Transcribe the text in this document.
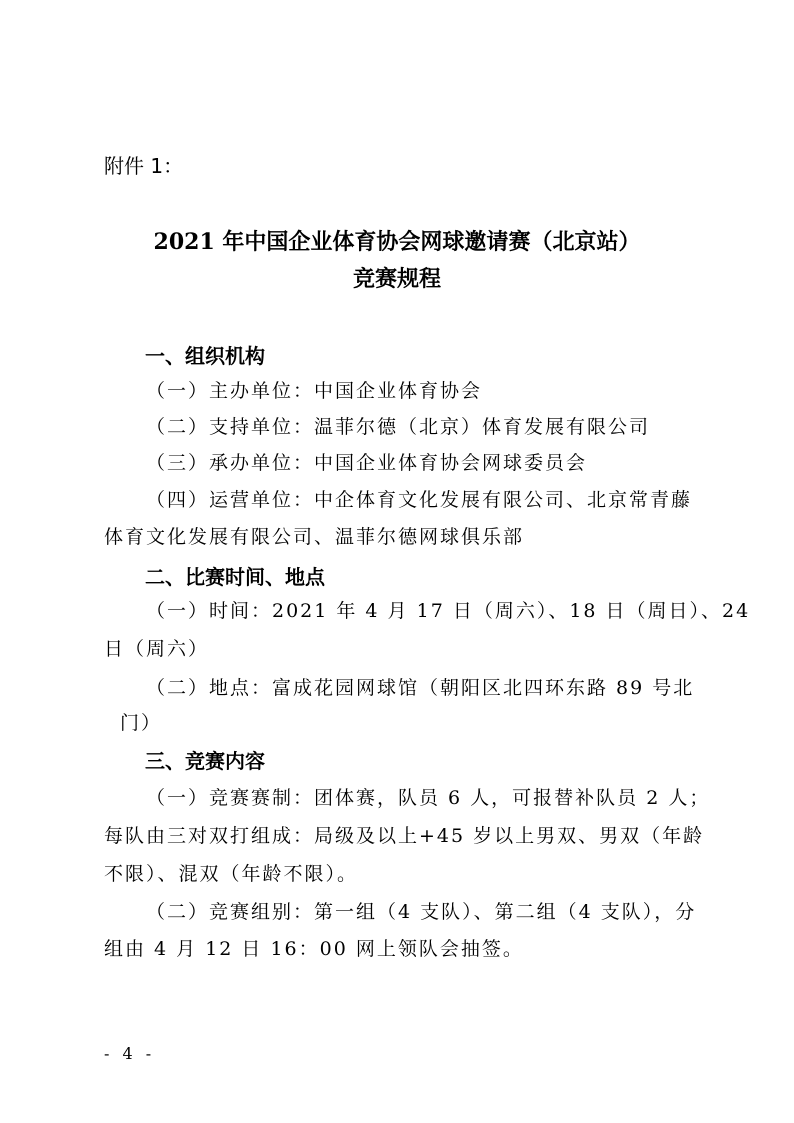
附件 1：
2021 年中国企业体育协会网球邀请赛（北京站）
竞赛规程
一、组织机构
（一）主办单位：中国企业体育协会
（二）支持单位：温菲尔德（北京）体育发展有限公司
（三）承办单位：中国企业体育协会网球委员会
（四）运营单位：中企体育文化发展有限公司、北京常青藤
体育文化发展有限公司、温菲尔德网球俱乐部
二、比赛时间、地点
（一）时间：2021 年 4 月 17 日（周六）、18 日（周日）、24
日（周六）
（二）地点：富成花园网球馆（朝阳区北四环东路 89 号北
门）
三、竞赛内容
（一）竞赛赛制：团体赛，队员 6 人，可报替补队员 2 人；
每队由三对双打组成：局级及以上+45 岁以上男双、男双（年龄
不限）、混双（年龄不限）。
（二）竞赛组别：第一组（4 支队）、第二组（4 支队），分
组由 4 月 12 日 16：00 网上领队会抽签。
- 4 -
